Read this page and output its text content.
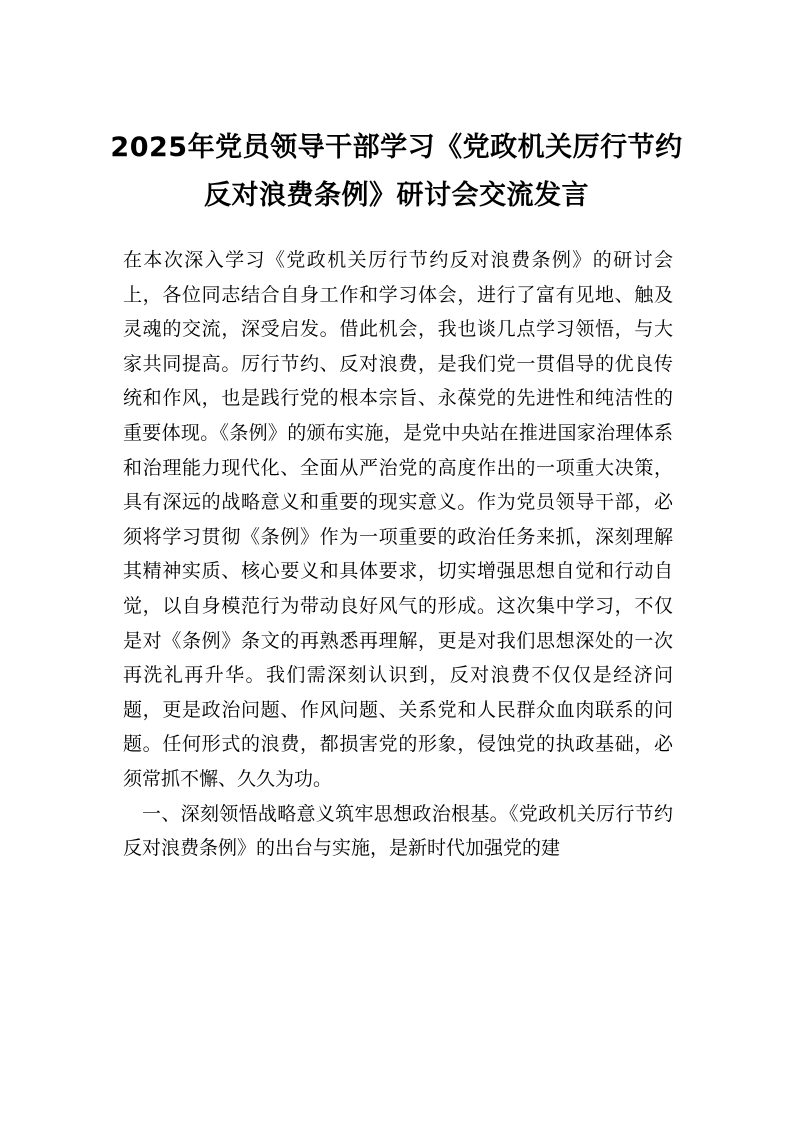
2025年党员领导干部学习《党政机关厉行节约反对浪费条例》研讨会交流发言

在本次深入学习《党政机关厉行节约反对浪费条例》的研讨会上，各位同志结合自身工作和学习体会，进行了富有见地、触及灵魂的交流，深受启发。借此机会，我也谈几点学习领悟，与大家共同提高。厉行节约、反对浪费，是我们党一贯倡导的优良传统和作风，也是践行党的根本宗旨、永葆党的先进性和纯洁性的重要体现。《条例》的颁布实施，是党中央站在推进国家治理体系和治理能力现代化、全面从严治党的高度作出的一项重大决策，具有深远的战略意义和重要的现实意义。作为党员领导干部，必须将学习贯彻《条例》作为一项重要的政治任务来抓，深刻理解其精神实质、核心要义和具体要求，切实增强思想自觉和行动自觉，以自身模范行为带动良好风气的形成。这次集中学习，不仅是对《条例》条文的再熟悉再理解，更是对我们思想深处的一次再洗礼再升华。我们需深刻认识到，反对浪费不仅仅是经济问题，更是政治问题、作风问题、关系党和人民群众血肉联系的问题。任何形式的浪费，都损害党的形象，侵蚀党的执政基础，必须常抓不懈、久久为功。

一、深刻领悟战略意义筑牢思想政治根基。《党政机关厉行节约反对浪费条例》的出台与实施，是新时代加强党的建
